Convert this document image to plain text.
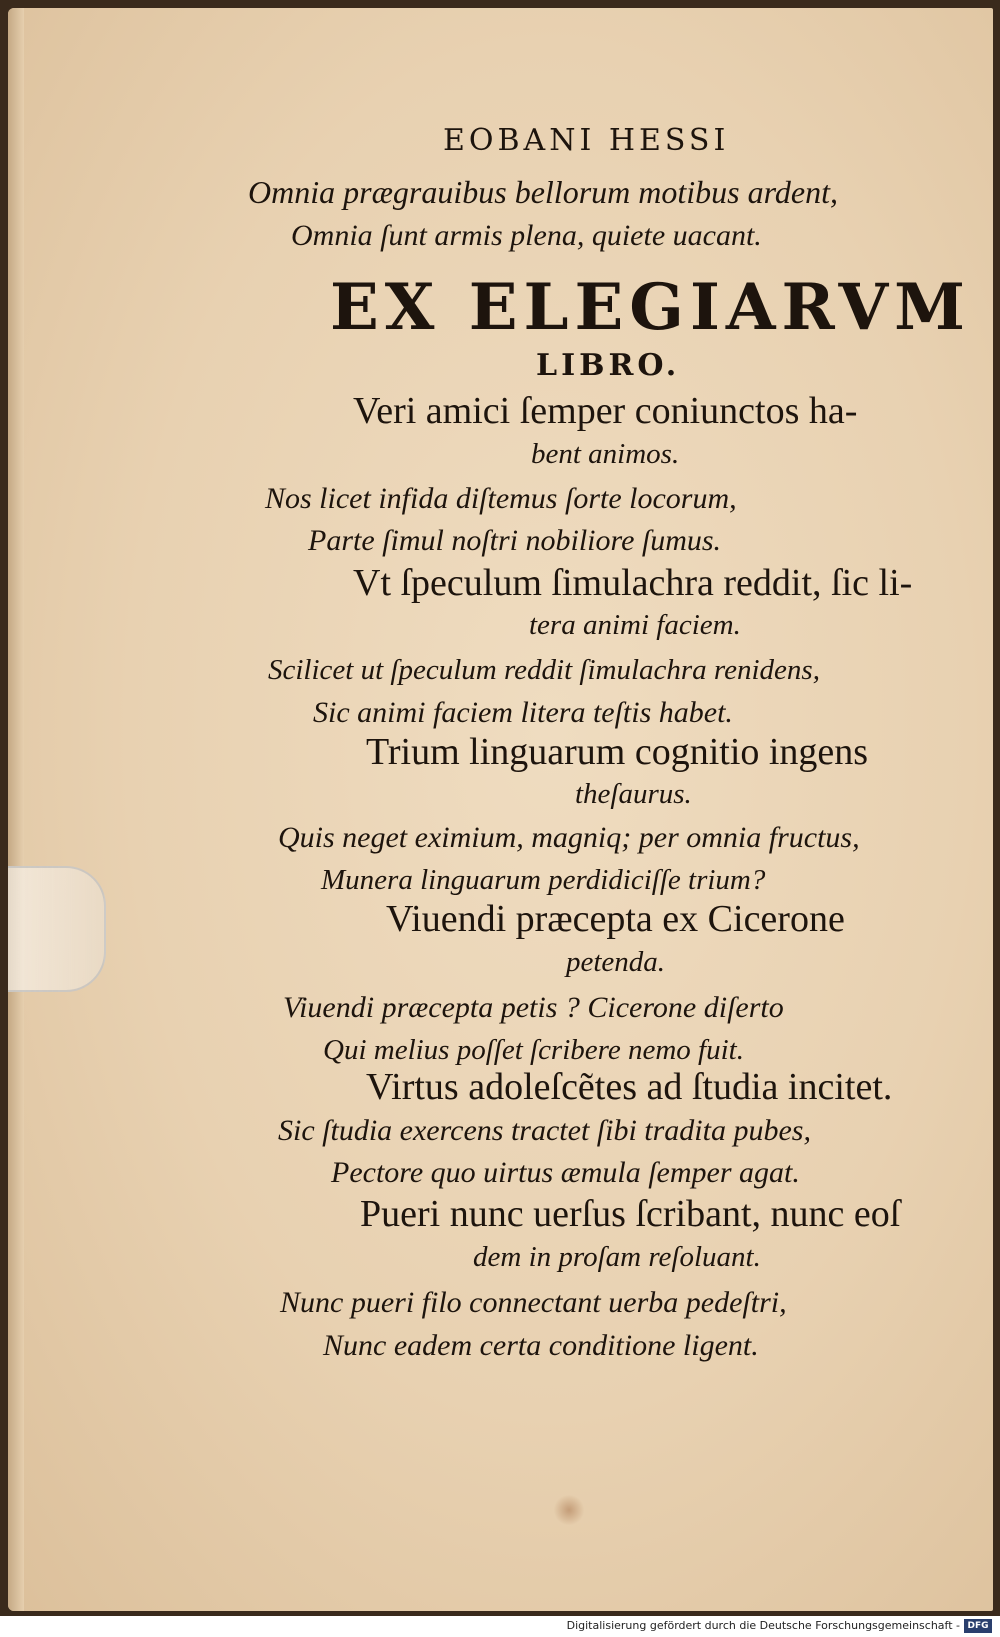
EOBANI HESSI
Omnia prægrauibus bellorum motibus ardent,
Omnia ſunt armis plena, quiete uacant.
EX ELEGIARVM
LIBRO.
Veri amici ſemper coniunctos ha-
bent animos.
Nos licet infida diſtemus ſorte locorum,
Parte ſimul noſtri nobiliore ſumus.
Vt ſpeculum ſimulachra reddit, ſic li-
tera animi faciem.
Scilicet ut ſpeculum reddit ſimulachra renidens,
Sic animi faciem litera teſtis habet.
Trium linguarum cognitio ingens
theſaurus.
Quis neget eximium, magniq; per omnia fructus,
Munera linguarum perdidiciſſe trium?
Viuendi præcepta ex Cicerone
petenda.
Viuendi præcepta petis ? Cicerone diſerto
Qui melius poſſet ſcribere nemo fuit.
Virtus adoleſcẽtes ad ſtudia incitet.
Sic ſtudia exercens tractet ſibi tradita pubes,
Pectore quo uirtus æmula ſemper agat.
Pueri nunc uerſus ſcribant, nunc eoſ
dem in proſam reſoluant.
Nunc pueri filo connectant uerba pedeſtri,
Nunc eadem certa conditione ligent.
Digitalisierung gefördert durch die Deutsche Forschungsgemeinschaft - DFG
